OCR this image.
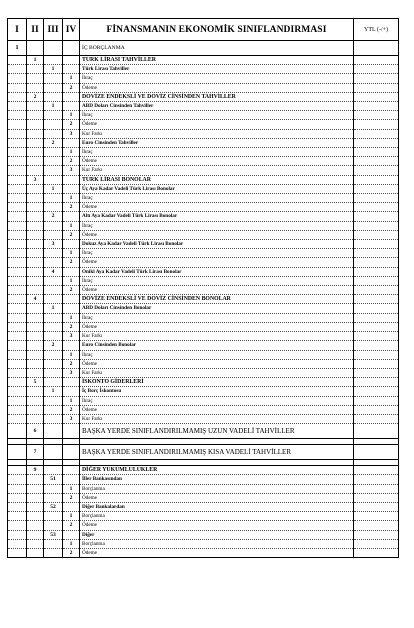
I	II	III	IV	FİNANSMANIN EKONOMİK SINIFLANDIRMASI	YTL (-/+)
1				İÇ BORÇLANMA	
	1			TÜRK LİRASI TAHVİLLER	
		1		Türk Lirası Tahviller	
			1	İhraç	
			2	Ödeme	
	2			DÖVİZE ENDEKSLİ VE DÖVİZ CİNSİNDEN TAHVİLLER	
		1		ABD Doları Cinsinden Tahviller	
			1	İhraç	
			2	Ödeme	
			3	Kur Farkı	
		2		Euro Cinsinden Tahviller	
			1	İhraç	
			2	Ödeme	
			3	Kur Farkı	
	3			TÜRK LİRASI BONOLAR	
		1		Üç Aya Kadar Vadeli Türk Lirası Bonolar	
			1	İhraç	
			2	Ödeme	
		2		Altı Aya Kadar Vadeli Türk Lirası Bonolar	
			1	İhraç	
			2	Ödeme	
		3		Dokuz Aya Kadar Vadeli Türk Lirası Bonolar	
			1	İhraç	
			2	Ödeme	
		4		Onikl Aya Kadar Vadeli Türk Lirası Bonolar	
			1	İhraç	
			2	Ödeme	
	4			DÖVİZE ENDEKSLİ VE DÖVİZ CİNSİNDEN BONOLAR	
		1		ABD Doları Cinsinden Bonolar	
			1	İhraç	
			2	Ödeme	
			3	Kur Farkı	
		2		Euro Cinsinden Bonolar	
			1	İhraç	
			2	Ödeme	
			3	Kur Farkı	
	5			İSKONTO GİDERLERİ	
		1		İç Borç İskontosu	
			1	İhraç	
			2	Ödeme	
			3	Kur Farkı	
	6			BAŞKA YERDE SINIFLANDIRILMAMIŞ UZUN VADELİ TAHVİLLER	

	7			BAŞKA YERDE SINIFLANDIRILMAMIŞ KISA VADELİ TAHVİLLER	

	9			DİĞER YÜKÜMLÜLÜKLER	
		51		İller Bankasından	
			1	Borçlanma	
			2	Ödeme	
		52		Diğer Bankalardan	
			1	Borçlanma	
			2	Ödeme	
		53		Diğer	
			1	Borçlanma	
			2	Ödeme	
